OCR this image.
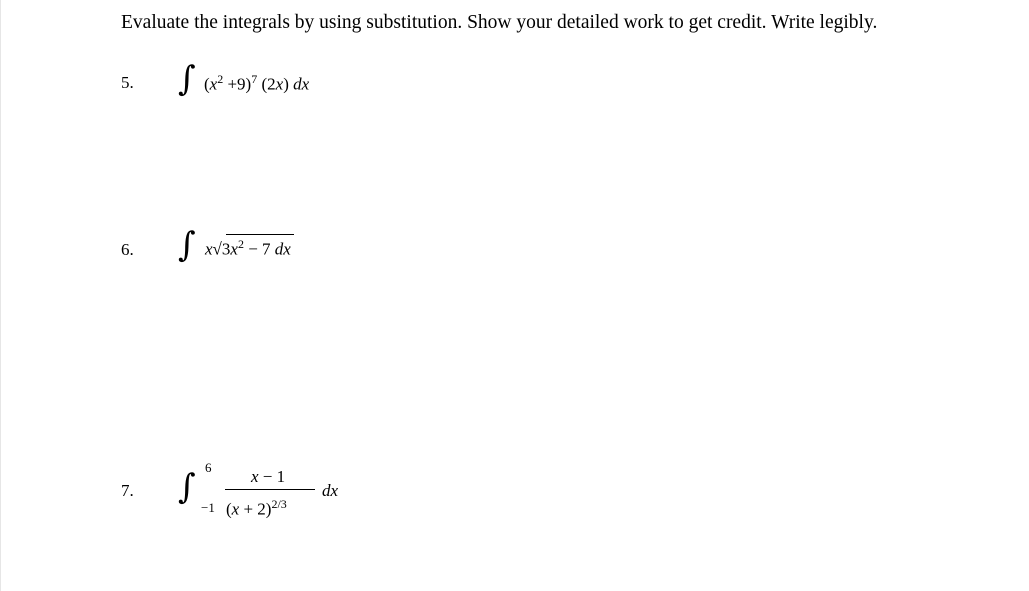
Evaluate the integrals by using substitution. Show your detailed work to get credit. Write legibly.
5. ∫ $(x^2 +9)^7$ (2x) dx
6. ∫ $x√3x^2 - 7$ dx
7. ∫ 6
−1
x − 1
$(x + 2)^{2/3}$
dx
